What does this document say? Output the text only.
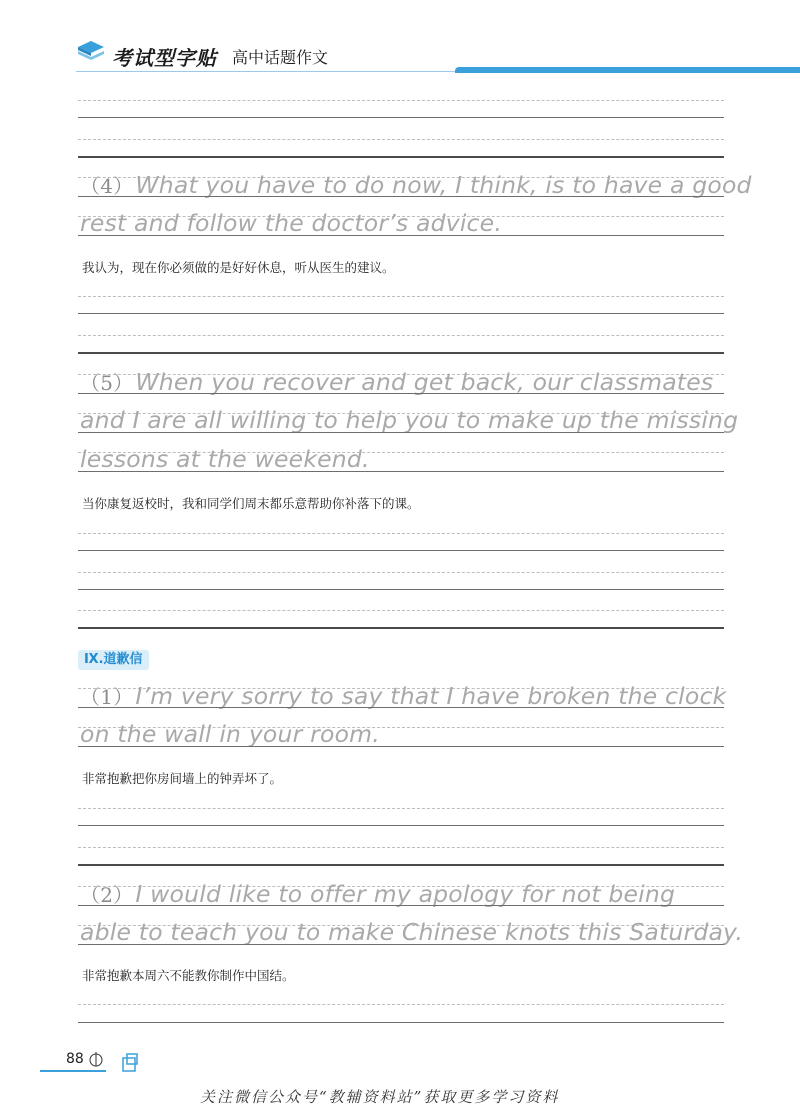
考试型字贴 高中话题作文
（4）What you have to do now, I think, is to have a good
rest and follow the doctor’s advice.
我认为，现在你必须做的是好好休息，听从医生的建议。
（5）When you recover and get back, our classmates
and I are all willing to help you to make up the missing
lessons at the weekend.
当你康复返校时，我和同学们周末都乐意帮助你补落下的课。
Ⅸ.道歉信
（1）I’m very sorry to say that I have broken the clock
on the wall in your room.
非常抱歉把你房间墙上的钟弄坏了。
（2）I would like to offer my apology for not being
able to teach you to make Chinese knots this Saturday.
非常抱歉本周六不能教你制作中国结。
88
关注微信公众号“教辅资料站”获取更多学习资料
